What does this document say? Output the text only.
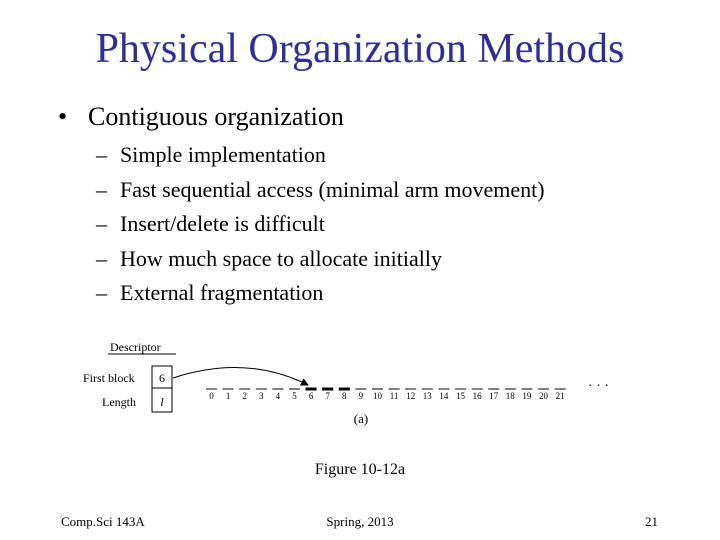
Physical Organization Methods
• Contiguous organization
– Simple implementation
– Fast sequential access (minimal arm movement)
– Insert/delete is difficult
– How much space to allocate initially
– External fragmentation
Descriptor
First block
Length
6
l	0 1 2 3 4 5 6 7 8 9 10 11 12 13 14 15 16 17 18 19 20 21
· · ·
(a)
Figure 10-12a
Comp.Sci 143A	Spring, 2013	21
